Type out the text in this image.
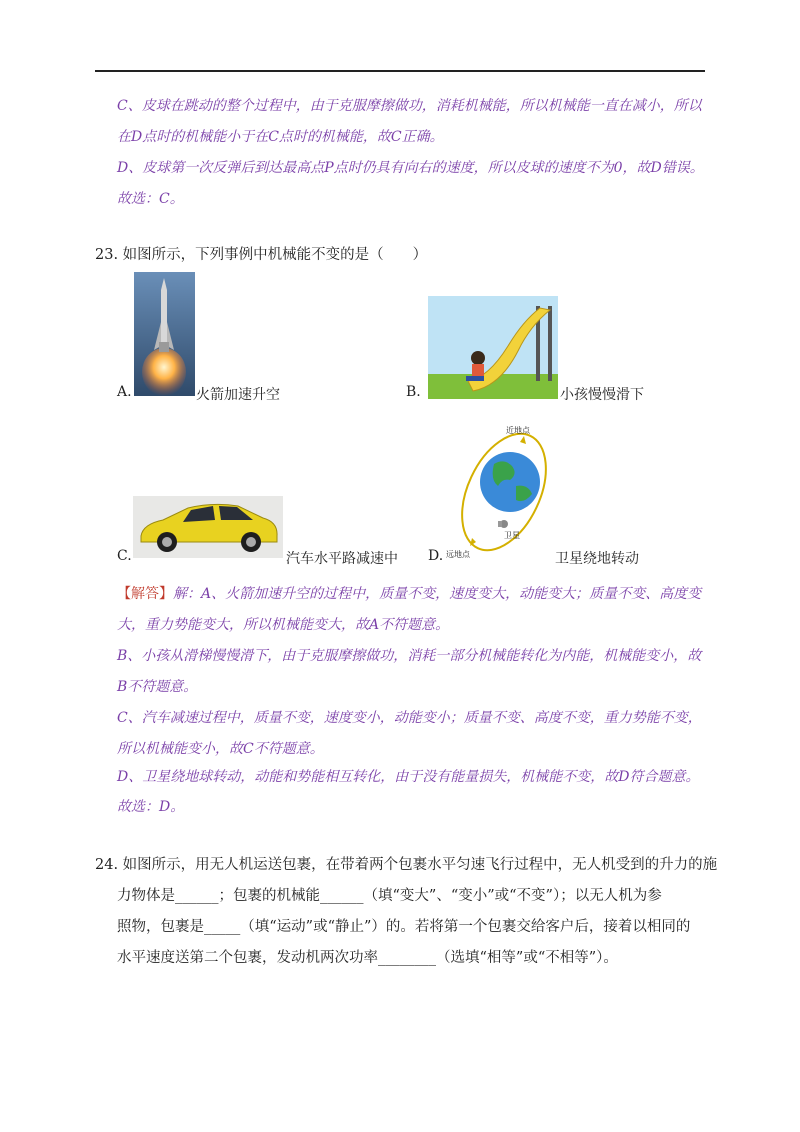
C、皮球在跳动的整个过程中，由于克服摩擦做功，消耗机械能，所以机械能一直在减小，所以
在D点时的机械能小于在C点时的机械能，故C正确。
D、皮球第一次反弹后到达最高点P点时仍具有向右的速度，所以皮球的速度不为0，故D错误。
故选：C。
23. 如图所示，下列事例中机械能不变的是（　　）
A.	火箭加速升空	B.	小孩慢慢滑下
C.	汽车水平路减速中 D.
近地点
远地点
卫星
卫星绕地转动
【解答】解：A、火箭加速升空的过程中，质量不变，速度变大，动能变大；质量不变、高度变
大，重力势能变大，所以机械能变大，故A不符题意。
B、小孩从滑梯慢慢滑下，由于克服摩擦做功，消耗一部分机械能转化为内能，机械能变小，故
B不符题意。
C、汽车减速过程中，质量不变，速度变小，动能变小；质量不变、高度不变，重力势能不变，
所以机械能变小，故C不符题意。
D、卫星绕地球转动，动能和势能相互转化，由于没有能量损失，机械能不变，故D符合题意。
故选：D。
24. 如图所示，用无人机运送包裹，在带着两个包裹水平匀速飞行过程中，无人机受到的升力的施
力物体是______；包裹的机械能______（填“变大”、“变小”或“不变”）；以无人机为参
照物，包裹是_____（填“运动”或“静止”）的。若将第一个包裹交给客户后，接着以相同的
水平速度送第二个包裹，发动机两次功率________（选填“相等”或“不相等”）。
